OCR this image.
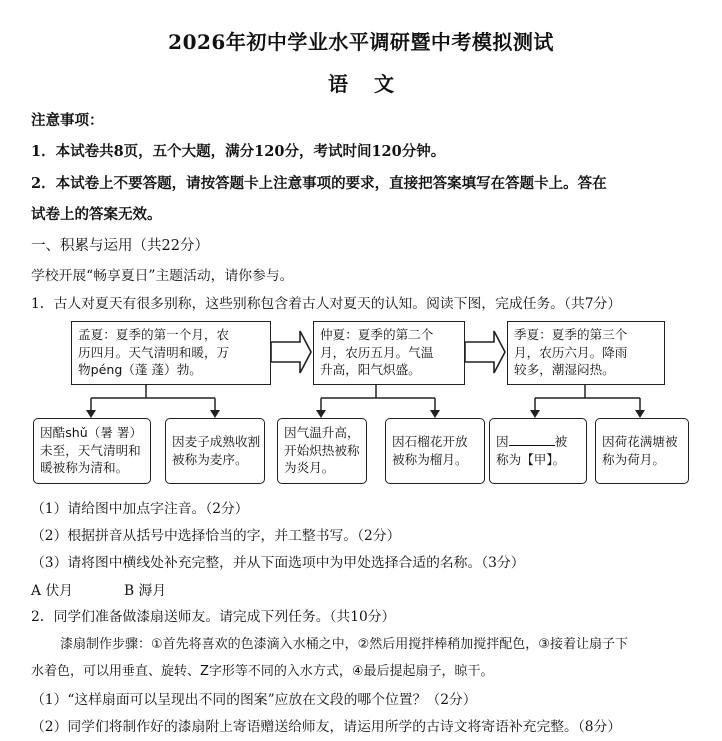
2026年初中学业水平调研暨中考模拟测试
语文
注意事项：
1．本试卷共8页，五个大题，满分120分，考试时间120分钟。
2．本试卷上不要答题，请按答题卡上注意事项的要求，直接把答案填写在答题卡上。答在
试卷上的答案无效。
一、积累与运用（共22分）
学校开展“畅享夏日”主题活动，请你参与。
1．古人对夏天有很多别称，这些别称包含着古人对夏天的认知。阅读下图，完成任务。（共7分）
孟夏：夏季的第一个月，农
历四月。天气清明和暖，万
物péng（蓬 蓬）勃。
仲夏：夏季的第二个
月，农历五月。气温
升高，阳气炽盛。
季夏：夏季的第三个
月，农历六月。降雨
较多，潮湿闷热。
因酷shǔ（暑 署）
未至，天气清明和
暖被称为清和。
因麦子成熟收割
被称为麦序。
因气温升高，
开始炽热被称
为炎月。
因石榴花开放
被称为榴月。
因	被
称为【甲】。
因荷花满塘被
称为荷月。
（1）请给图中加点字注音。（2分）
（2）根据拼音从括号中选择恰当的字，并工整书写。（2分）
（3）请将图中横线处补充完整，并从下面选项中为甲处选择合适的名称。（3分）
A 伏月	B 溽月
2．同学们准备做漆扇送师友。请完成下列任务。（共10分）
漆扇制作步骤：①首先将喜欢的色漆滴入水桶之中，②然后用搅拌棒稍加搅拌配色，③接着让扇子下
水着色，可以用垂直、旋转、Z字形等不同的入水方式，④最后提起扇子，晾干。
（1）“这样扇面可以呈现出不同的图案”应放在文段的哪个位置？（2分）
（2）同学们将制作好的漆扇附上寄语赠送给师友，请运用所学的古诗文将寄语补充完整。（8分）
